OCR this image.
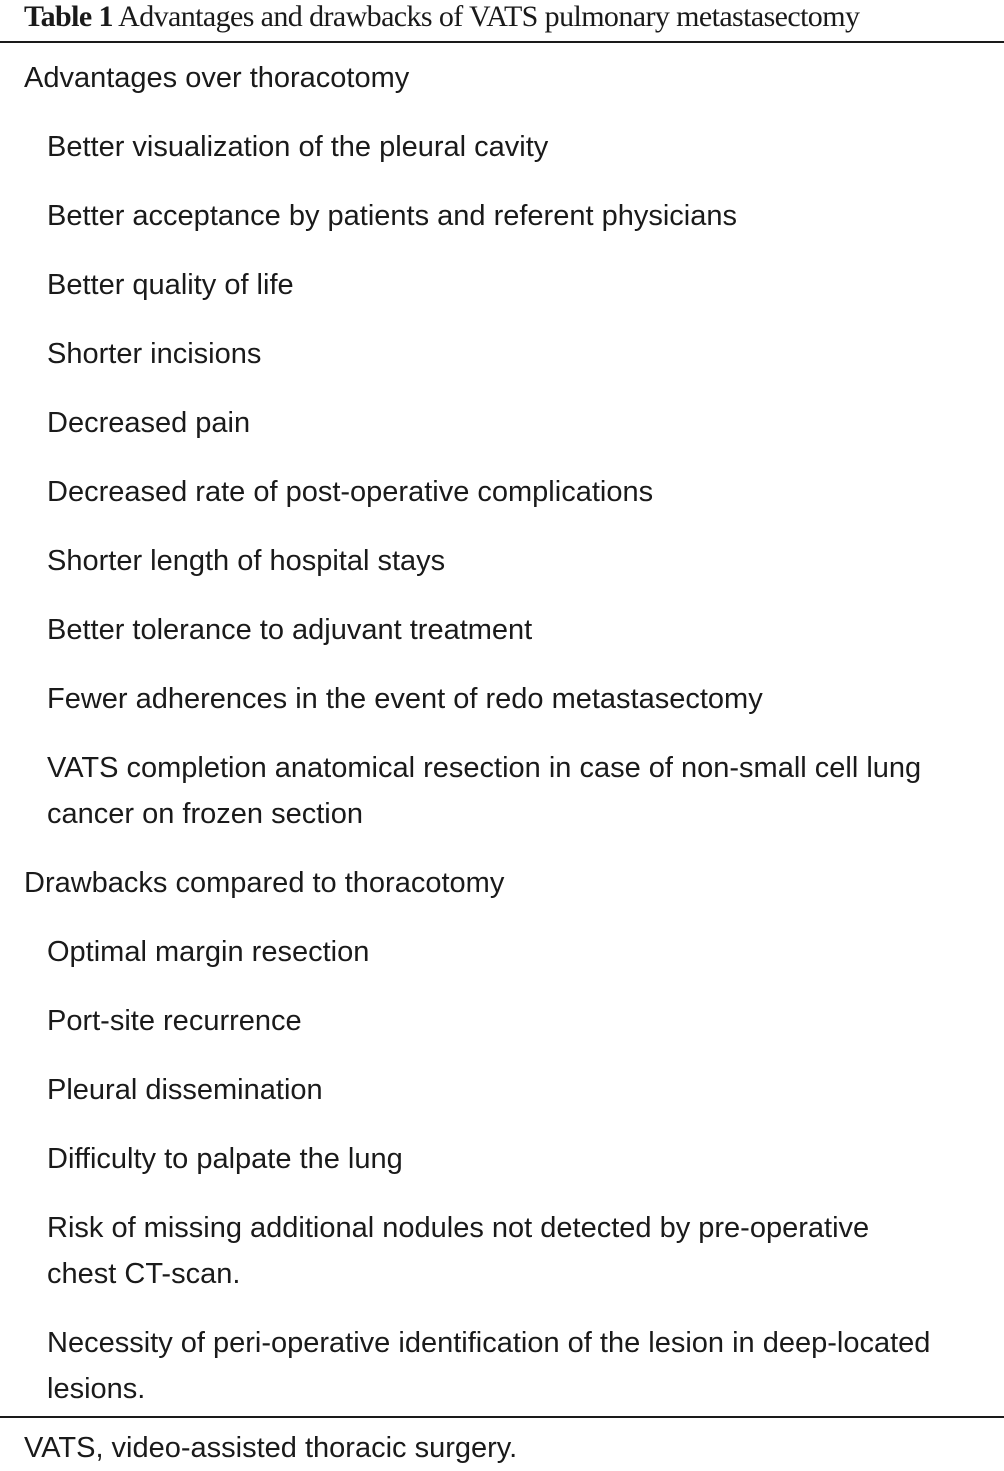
Table 1 Advantages and drawbacks of VATS pulmonary metastasectomy
Advantages over thoracotomy
Better visualization of the pleural cavity
Better acceptance by patients and referent physicians
Better quality of life
Shorter incisions
Decreased pain
Decreased rate of post-operative complications
Shorter length of hospital stays
Better tolerance to adjuvant treatment
Fewer adherences in the event of redo metastasectomy
VATS completion anatomical resection in case of non-small cell lung cancer on frozen section
Drawbacks compared to thoracotomy
Optimal margin resection
Port-site recurrence
Pleural dissemination
Difficulty to palpate the lung
Risk of missing additional nodules not detected by pre-operative chest CT-scan.
Necessity of peri-operative identification of the lesion in deep-located lesions.
VATS, video-assisted thoracic surgery.
